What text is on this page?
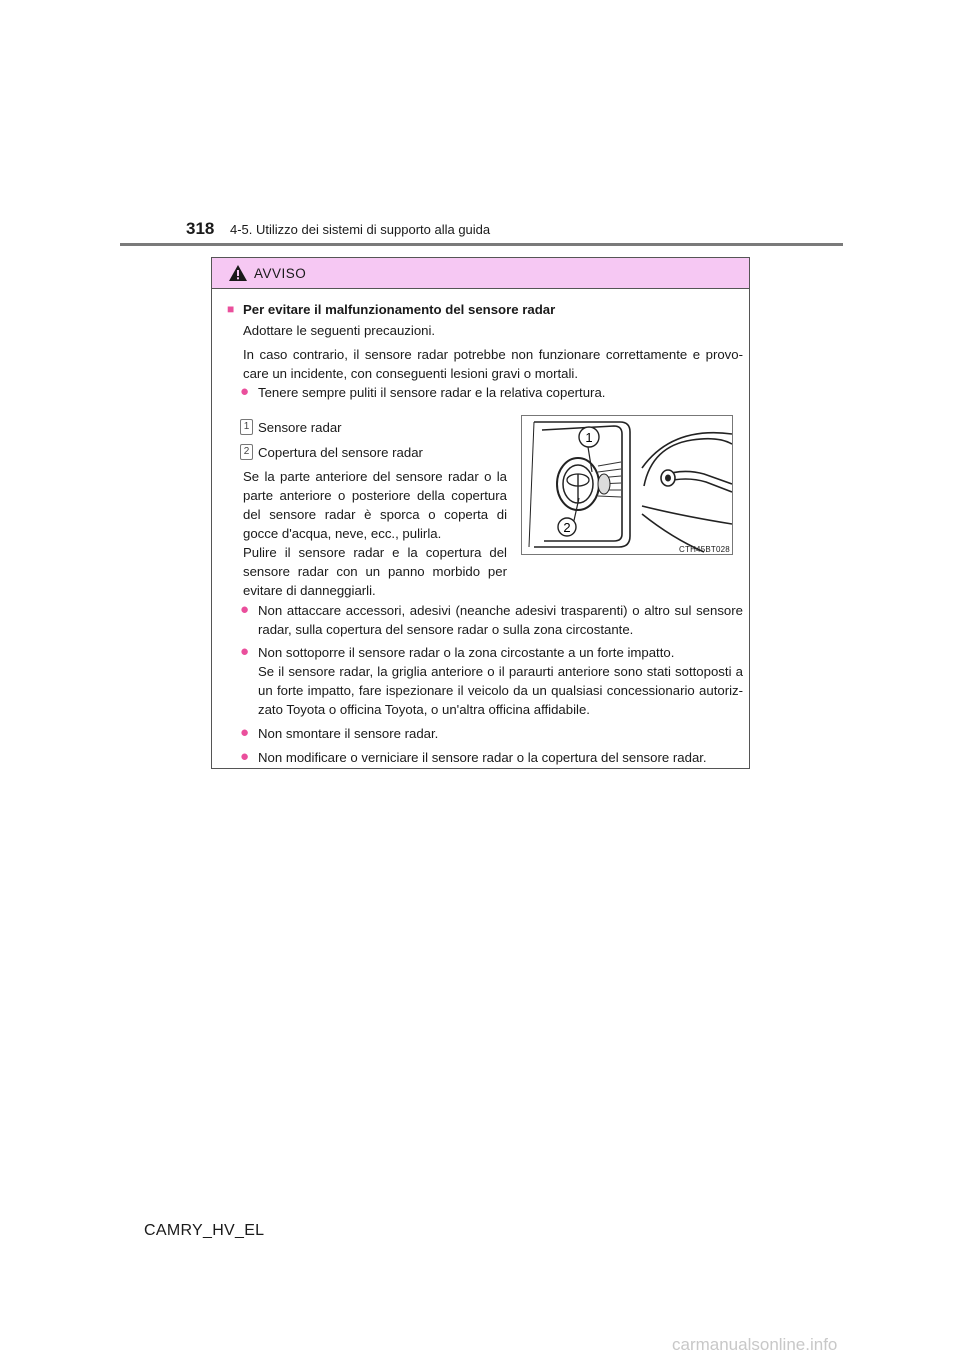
318 4-5. Utilizzo dei sistemi di supporto alla guida
AVVISO
■ Per evitare il malfunzionamento del sensore radar
Adottare le seguenti precauzioni.
In caso contrario, il sensore radar potrebbe non funzionare correttamente e provo-care un incidente, con conseguenti lesioni gravi o mortali.
● Tenere sempre puliti il sensore radar e la relativa copertura.
1 Sensore radar
2 Copertura del sensore radar
Se la parte anteriore del sensore radar o la parte anteriore o posteriore della copertura del sensore radar è sporca o coperta di gocce d'acqua, neve, ecc., pulirla.
Pulire il sensore radar e la copertura del sensore radar con un panno morbido per evitare di danneggiarli.
1
2
CTH45BT028
● Non attaccare accessori, adesivi (neanche adesivi trasparenti) o altro sul sensore radar, sulla copertura del sensore radar o sulla zona circostante.
● Non sottoporre il sensore radar o la zona circostante a un forte impatto.
Se il sensore radar, la griglia anteriore o il paraurti anteriore sono stati sottoposti a un forte impatto, fare ispezionare il veicolo da un qualsiasi concessionario autoriz-zato Toyota o officina Toyota, o un'altra officina affidabile.
● Non smontare il sensore radar.
● Non modificare o verniciare il sensore radar o la copertura del sensore radar.
CAMRY_HV_EL
carmanualsonline.info
